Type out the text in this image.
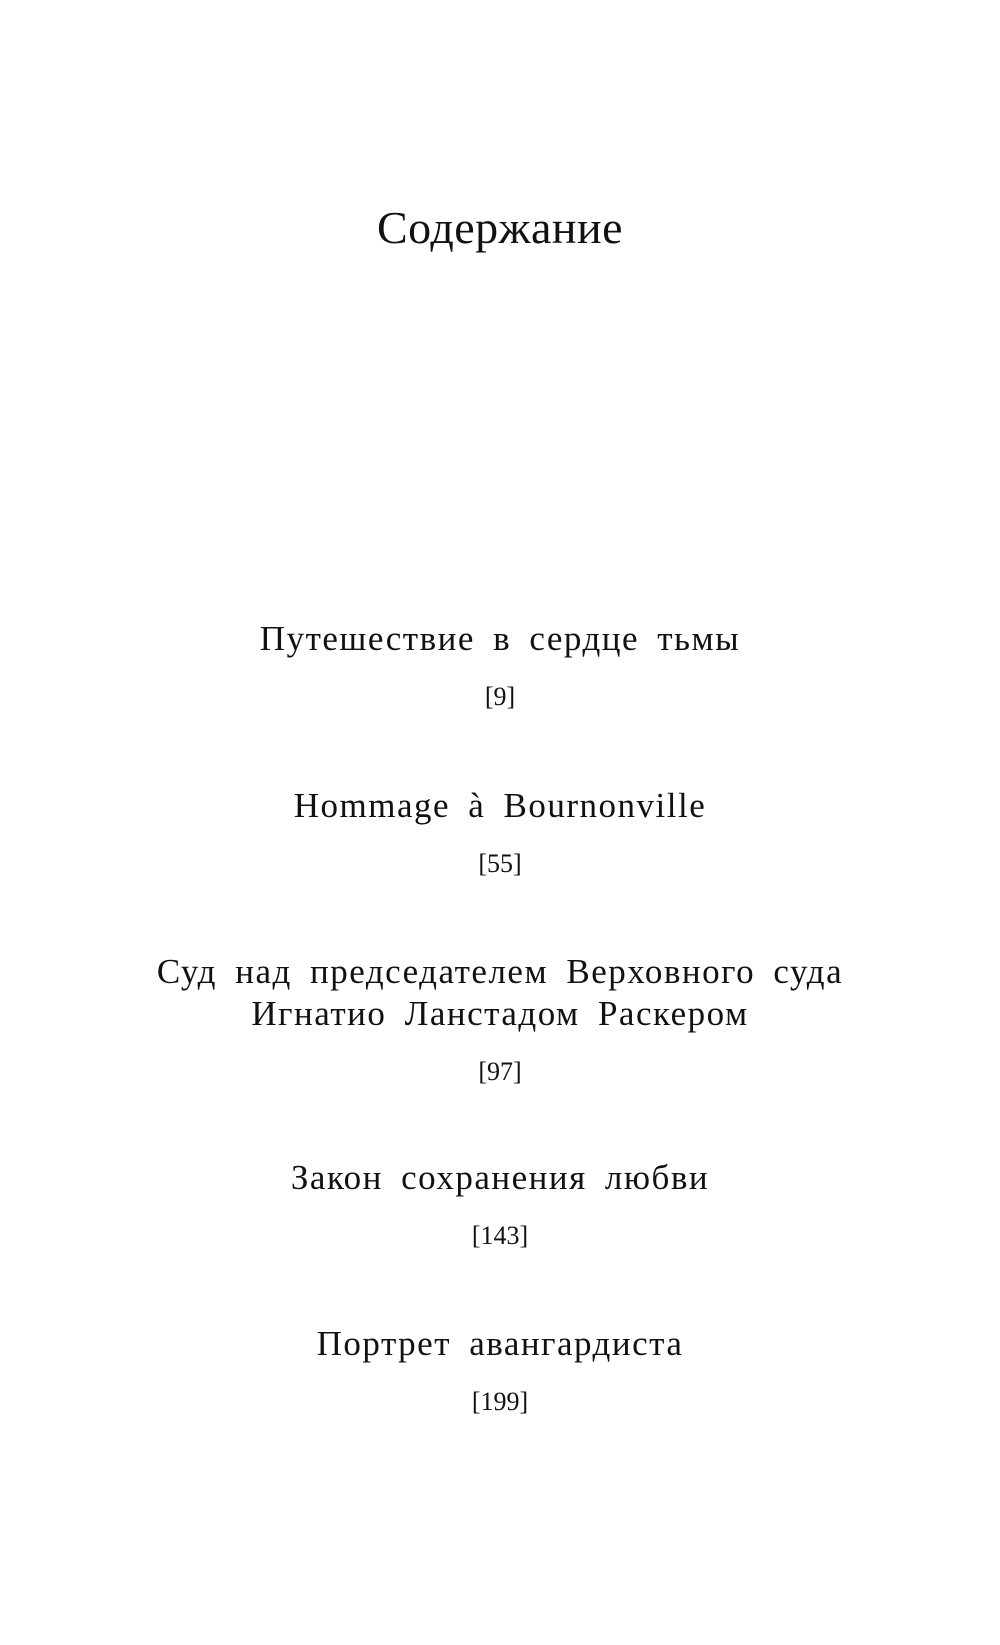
Содержание
Путешествие в сердце тьмы
[9]
Hommage à Bournonville
[55]
Суд над председателем Верховного суда
Игнатио Ланстадом Раскером
[97]
Закон сохранения любви
[143]
Портрет авангардиста
[199]
